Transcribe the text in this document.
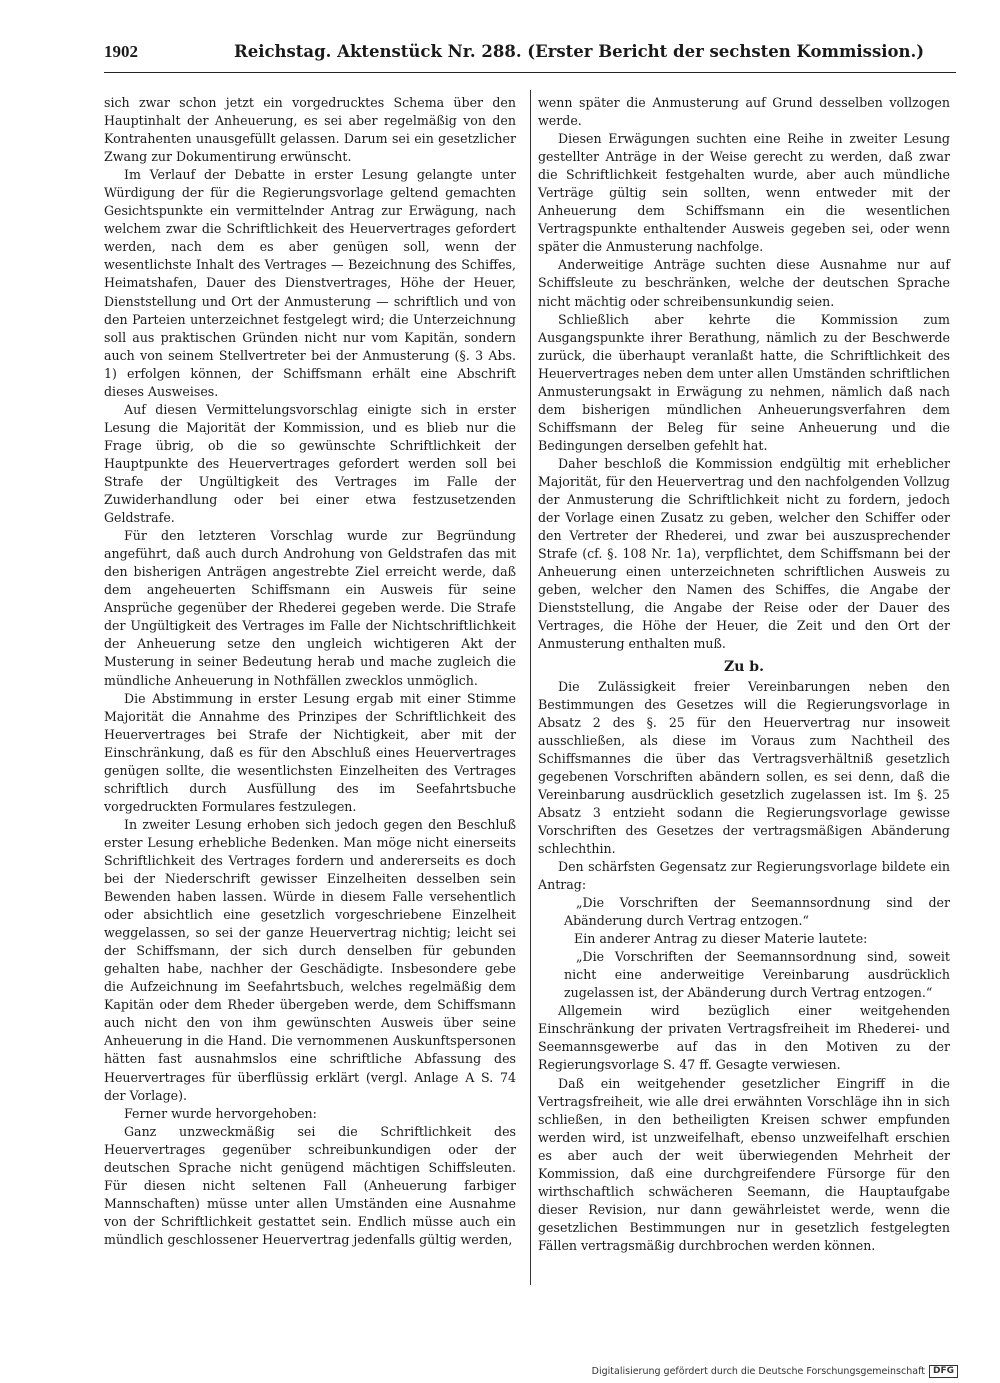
1902	Reichstag. Aktenstück Nr. 288. (Erster Bericht der sechsten Kommission.)

sich zwar schon jetzt ein vorgedrucktes Schema über den Hauptinhalt der Anheuerung, es sei aber regelmäßig von den Kontrahenten unausgefüllt gelassen. Darum sei ein gesetzlicher Zwang zur Dokumentirung erwünscht.

Im Verlauf der Debatte in erster Lesung gelangte unter Würdigung der für die Regierungsvorlage geltend gemachten Gesichtspunkte ein vermittelnder Antrag zur Erwägung, nach welchem zwar die Schriftlichkeit des Heuervertrages gefordert werden, nach dem es aber genügen soll, wenn der wesentlichste Inhalt des Vertrages — Bezeichnung des Schiffes, Heimatshafen, Dauer des Dienstvertrages, Höhe der Heuer, Dienststellung und Ort der Anmusterung — schriftlich und von den Parteien unterzeichnet festgelegt wird; die Unterzeichnung soll aus praktischen Gründen nicht nur vom Kapitän, sondern auch von seinem Stellvertreter bei der Anmusterung (§. 3 Abs. 1) erfolgen können, der Schiffsmann erhält eine Abschrift dieses Ausweises.

Auf diesen Vermittelungsvorschlag einigte sich in erster Lesung die Majorität der Kommission, und es blieb nur die Frage übrig, ob die so gewünschte Schriftlichkeit der Hauptpunkte des Heuervertrages gefordert werden soll bei Strafe der Ungültigkeit des Vertrages im Falle der Zuwiderhandlung oder bei einer etwa festzusetzenden Geldstrafe.

Für den letzteren Vorschlag wurde zur Begründung angeführt, daß auch durch Androhung von Geldstrafen das mit den bisherigen Anträgen angestrebte Ziel erreicht werde, daß dem angeheuerten Schiffsmann ein Ausweis für seine Ansprüche gegenüber der Rhederei gegeben werde. Die Strafe der Ungültigkeit des Vertrages im Falle der Nichtschriftlichkeit der Anheuerung setze den ungleich wichtigeren Akt der Musterung in seiner Bedeutung herab und mache zugleich die mündliche Anheuerung in Nothfällen zwecklos unmöglich.

Die Abstimmung in erster Lesung ergab mit einer Stimme Majorität die Annahme des Prinzipes der Schriftlichkeit des Heuervertrages bei Strafe der Nichtigkeit, aber mit der Einschränkung, daß es für den Abschluß eines Heuervertrages genügen sollte, die wesentlichsten Einzelheiten des Vertrages schriftlich durch Ausfüllung des im Seefahrtsbuche vorgedruckten Formulares festzulegen.

In zweiter Lesung erhoben sich jedoch gegen den Beschluß erster Lesung erhebliche Bedenken. Man möge nicht einerseits Schriftlichkeit des Vertrages fordern und andererseits es doch bei der Niederschrift gewisser Einzelheiten desselben sein Bewenden haben lassen. Würde in diesem Falle versehentlich oder absichtlich eine gesetzlich vorgeschriebene Einzelheit weggelassen, so sei der ganze Heuervertrag nichtig; leicht sei der Schiffsmann, der sich durch denselben für gebunden gehalten habe, nachher der Geschädigte. Insbesondere gebe die Aufzeichnung im Seefahrtsbuch, welches regelmäßig dem Kapitän oder dem Rheder übergeben werde, dem Schiffsmann auch nicht den von ihm gewünschten Ausweis über seine Anheuerung in die Hand. Die vernommenen Auskunftspersonen hätten fast ausnahmslos eine schriftliche Abfassung des Heuervertrages für überflüssig erklärt (vergl. Anlage A S. 74 der Vorlage).

Ferner wurde hervorgehoben:

Ganz unzweckmäßig sei die Schriftlichkeit des Heuervertrages gegenüber schreibunkundigen oder der deutschen Sprache nicht genügend mächtigen Schiffsleuten. Für diesen nicht seltenen Fall (Anheuerung farbiger Mannschaften) müsse unter allen Umständen eine Ausnahme von der Schriftlichkeit gestattet sein. Endlich müsse auch ein mündlich geschlossener Heuervertrag jedenfalls gültig werden,

wenn später die Anmusterung auf Grund desselben vollzogen werde.

Diesen Erwägungen suchten eine Reihe in zweiter Lesung gestellter Anträge in der Weise gerecht zu werden, daß zwar die Schriftlichkeit festgehalten wurde, aber auch mündliche Verträge gültig sein sollten, wenn entweder mit der Anheuerung dem Schiffsmann ein die wesentlichen Vertragspunkte enthaltender Ausweis gegeben sei, oder wenn später die Anmusterung nachfolge.

Anderweitige Anträge suchten diese Ausnahme nur auf Schiffsleute zu beschränken, welche der deutschen Sprache nicht mächtig oder schreibensunkundig seien.

Schließlich aber kehrte die Kommission zum Ausgangspunkte ihrer Berathung, nämlich zu der Beschwerde zurück, die überhaupt veranlaßt hatte, die Schriftlichkeit des Heuervertrages neben dem unter allen Umständen schriftlichen Anmusterungsakt in Erwägung zu nehmen, nämlich daß nach dem bisherigen mündlichen Anheuerungsverfahren dem Schiffsmann der Beleg für seine Anheuerung und die Bedingungen derselben gefehlt hat.

Daher beschloß die Kommission endgültig mit erheblicher Majorität, für den Heuervertrag und den nachfolgenden Vollzug der Anmusterung die Schriftlichkeit nicht zu fordern, jedoch der Vorlage einen Zusatz zu geben, welcher den Schiffer oder den Vertreter der Rhederei, und zwar bei auszusprechender Strafe (cf. §. 108 Nr. 1a), verpflichtet, dem Schiffsmann bei der Anheuerung einen unterzeichneten schriftlichen Ausweis zu geben, welcher den Namen des Schiffes, die Angabe der Dienststellung, die Angabe der Reise oder der Dauer des Vertrages, die Höhe der Heuer, die Zeit und den Ort der Anmusterung enthalten muß.

Zu b.

Die Zulässigkeit freier Vereinbarungen neben den Bestimmungen des Gesetzes will die Regierungsvorlage in Absatz 2 des §. 25 für den Heuervertrag nur insoweit ausschließen, als diese im Voraus zum Nachtheil des Schiffsmannes die über das Vertragsverhältniß gesetzlich gegebenen Vorschriften abändern sollen, es sei denn, daß die Vereinbarung ausdrücklich gesetzlich zugelassen ist. Im §. 25 Absatz 3 entzieht sodann die Regierungsvorlage gewisse Vorschriften des Gesetzes der vertragsmäßigen Abänderung schlechthin.

Den schärfsten Gegensatz zur Regierungsvorlage bildete ein Antrag:

„Die Vorschriften der Seemannsordnung sind der Abänderung durch Vertrag entzogen.“

Ein anderer Antrag zu dieser Materie lautete:

„Die Vorschriften der Seemannsordnung sind, soweit nicht eine anderweitige Vereinbarung ausdrücklich zugelassen ist, der Abänderung durch Vertrag entzogen.“

Allgemein wird bezüglich einer weitgehenden Einschränkung der privaten Vertragsfreiheit im Rhederei- und Seemannsgewerbe auf das in den Motiven zu der Regierungsvorlage S. 47 ff. Gesagte verwiesen.

Daß ein weitgehender gesetzlicher Eingriff in die Vertragsfreiheit, wie alle drei erwähnten Vorschläge ihn in sich schließen, in den betheiligten Kreisen schwer empfunden werden wird, ist unzweifelhaft, ebenso unzweifelhaft erschien es aber auch der weit überwiegenden Mehrheit der Kommission, daß eine durchgreifendere Fürsorge für den wirthschaftlich schwächeren Seemann, die Hauptaufgabe dieser Revision, nur dann gewährleistet werde, wenn die gesetzlichen Bestimmungen nur in gesetzlich festgelegten Fällen vertragsmäßig durchbrochen werden können.

Digitalisierung gefördert durch die Deutsche Forschungsgemeinschaft DFG
